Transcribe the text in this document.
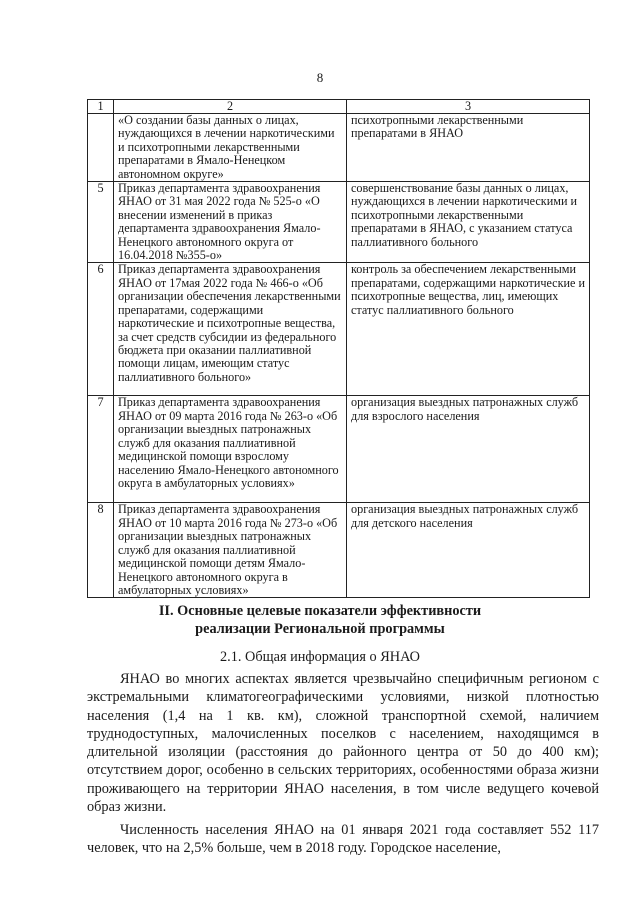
8
1	2	3
	«О создании базы данных о лицах, нуждающихся в лечении наркотическими и психотропными лекарственными препаратами в Ямало-Ненецком автономном округе»	психотропными лекарственными препаратами в ЯНАО
5	Приказ департамента здравоохранения ЯНАО от 31 мая 2022 года № 525-о «О внесении изменений в приказ департамента здравоохранения Ямало-Ненецкого автономного округа от 16.04.2018 №355-о»	совершенствование базы данных о лицах, нуждающихся в лечении наркотическими и психотропными лекарственными препаратами в ЯНАО, с указанием статуса паллиативного больного
6	Приказ департамента здравоохранения ЯНАО от 17мая 2022 года № 466-о «Об организации обеспечения лекарственными препаратами, содержащими наркотические и психотропные вещества, за счет средств субсидии из федерального бюджета при оказании паллиативной помощи лицам, имеющим статус паллиативного больного»	контроль за обеспечением лекарственными препаратами, содержащими наркотические и психотропные вещества, лиц, имеющих статус паллиативного больного
7	Приказ департамента здравоохранения ЯНАО от 09 марта 2016 года № 263-о «Об организации выездных патронажных служб для оказания паллиативной медицинской помощи взрослому населению Ямало-Ненецкого автономного округа в амбулаторных условиях»	организация выездных патронажных служб для взрослого населения
8	Приказ департамента здравоохранения ЯНАО от 10 марта 2016 года № 273-о «Об организации выездных патронажных служб для оказания паллиативной медицинской помощи детям Ямало-Ненецкого автономного округа в амбулаторных условиях»	организация выездных патронажных служб для детского населения
II. Основные целевые показатели эффективности
реализации Региональной программы
2.1. Общая информация о ЯНАО

ЯНАО во многих аспектах является чрезвычайно специфичным регионом с экстремальными климатогеографическими условиями, низкой плотностью населения (1,4 на 1 кв. км), сложной транспортной схемой, наличием труднодоступных, малочисленных поселков с населением, находящимся в длительной изоляции (расстояния до районного центра от 50 до 400 км); отсутствием дорог, особенно в сельских территориях, особенностями образа жизни проживающего на территории ЯНАО населения, в том числе ведущего кочевой образ жизни.

Численность населения ЯНАО на 01 января 2021 года составляет 552 117 человек, что на 2,5% больше, чем в 2018 году. Городское население,
